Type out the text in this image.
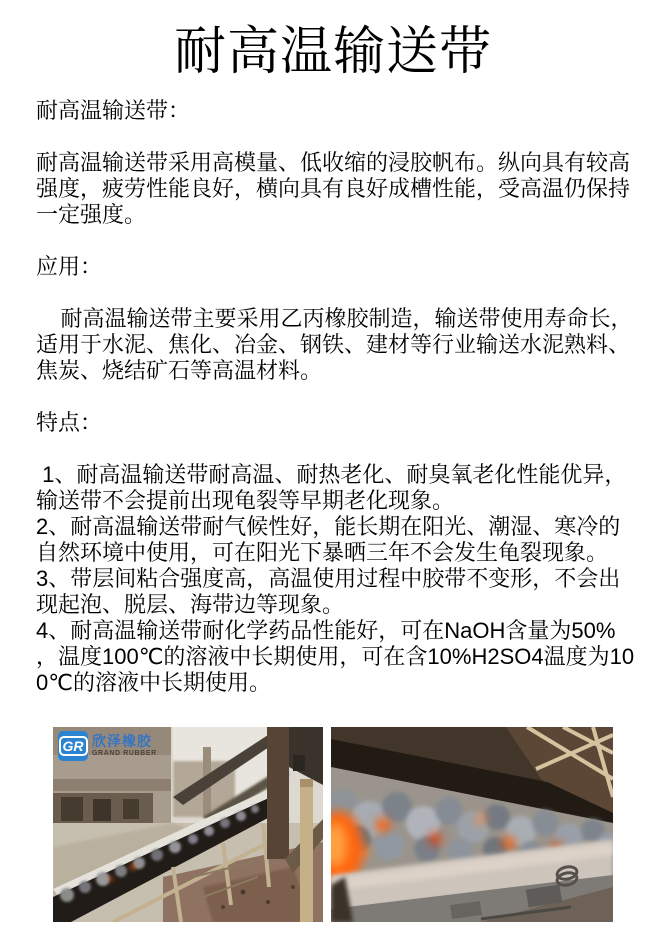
耐高温输送带

耐高温输送带：

耐高温输送带采用高模量、低收缩的浸胶帆布。纵向具有较高强度，疲劳性能良好，横向具有良好成槽性能，受高温仍保持一定强度。

应用：

耐高温输送带主要采用乙丙橡胶制造，输送带使用寿命长，适用于水泥、焦化、冶金、钢铁、建材等行业输送水泥熟料、焦炭、烧结矿石等高温材料。

特点：

1、耐高温输送带耐高温、耐热老化、耐臭氧老化性能优异，输送带不会提前出现龟裂等早期老化现象。

2、耐高温输送带耐气候性好，能长期在阳光、潮湿、寒冷的自然环境中使用，可在阳光下暴晒三年不会发生龟裂现象。

3、带层间粘合强度高，高温使用过程中胶带不变形，不会出现起泡、脱层、海带边等现象。

4、耐高温输送带耐化学药品性能好，可在NaOH含量为50%，温度100℃的溶液中长期使用，可在含10%H2SO4温度为100℃的溶液中长期使用。

GR 欣泽橡胶
GRAND RUBBER
